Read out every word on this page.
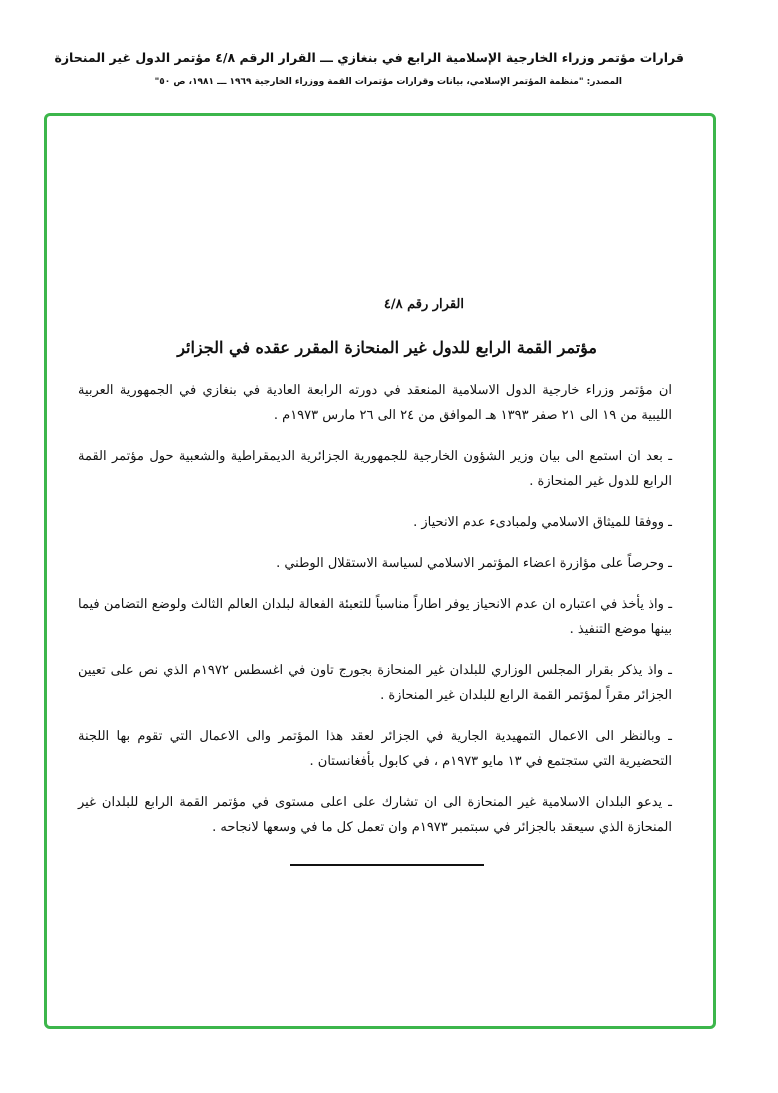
قرارات مؤتمر وزراء الخارجية الإسلامية الرابع في بنغازي ـــ القرار الرقم ٤/٨ مؤتمر الدول غير المنحازة
المصدر: "منظمة المؤتمر الإسلامي، بيانات وقرارات مؤتمرات القمة ووزراء الخارجية ١٩٦٩ ـــ ١٩٨١، ص ٥٠"
القرار رقم ٤/٨
مؤتمر القمة الرابع للدول غير المنحازة المقرر عقده في الجزائر

ان مؤتمر وزراء خارجية الدول الاسلامية المنعقد في دورته الرابعة العادية في بنغازي في الجمهورية العربية الليبية من ١٩ الى ٢١ صفر ١٣٩٣ هـ الموافق من ٢٤ الى ٢٦ مارس ١٩٧٣م .

ـ بعد ان استمع الى بيان وزير الشؤون الخارجية للجمهورية الجزائرية الديمقراطية والشعبية حول مؤتمر القمة الرابع للدول غير المنحازة .

ـ ووفقا للميثاق الاسلامي ولمبادىء عدم الانحياز .

ـ وحرصاً على مؤازرة اعضاء المؤتمر الاسلامي لسياسة الاستقلال الوطني .

ـ واذ يأخذ في اعتباره ان عدم الانحياز يوفر اطاراً مناسباً للتعبئة الفعالة لبلدان العالم الثالث ولوضع التضامن فيما بينها موضع التنفيذ .

ـ واذ يذكر بقرار المجلس الوزاري للبلدان غير المنحازة بجورج تاون في اغسطس ١٩٧٢م الذي نص على تعيين الجزائر مقراً لمؤتمر القمة الرابع للبلدان غير المنحازة .

ـ وبالنظر الى الاعمال التمهيدية الجارية في الجزائر لعقد هذا المؤتمر والى الاعمال التي تقوم بها اللجنة التحضيرية التي ستجتمع في ١٣ مايو ١٩٧٣م ، في كابول بأفغانستان .

ـ يدعو البلدان الاسلامية غير المنحازة الى ان تشارك على اعلى مستوى في مؤتمر القمة الرابع للبلدان غير المنحازة الذي سيعقد بالجزائر في سبتمبر ١٩٧٣م وان تعمل كل ما في وسعها لانجاحه .
